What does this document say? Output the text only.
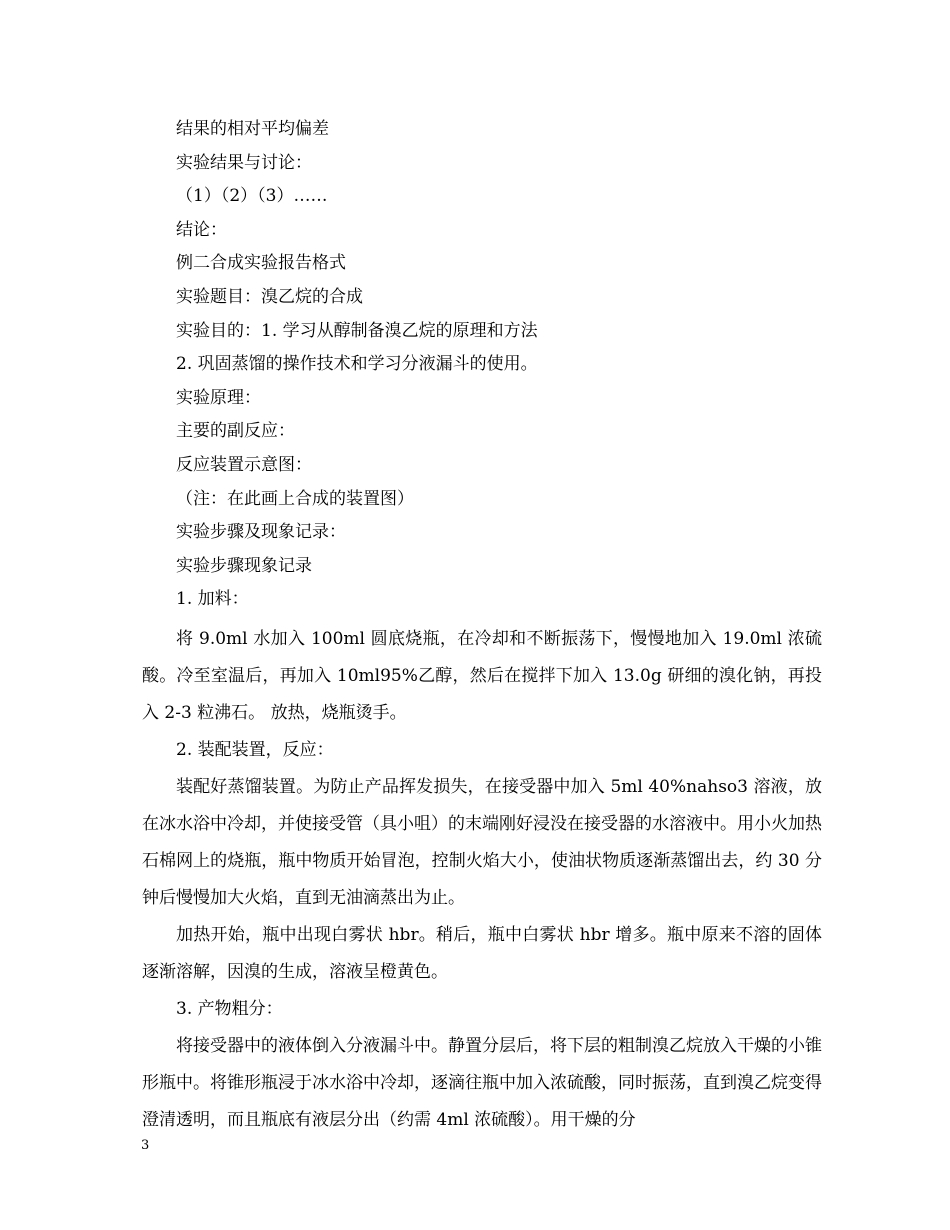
结果的相对平均偏差

实验结果与讨论：

（1）（2）（3）……

结论：

例二合成实验报告格式

实验题目：溴乙烷的合成

实验目的：1. 学习从醇制备溴乙烷的原理和方法

2. 巩固蒸馏的操作技术和学习分液漏斗的使用。

实验原理：

主要的副反应：

反应装置示意图：

（注：在此画上合成的装置图）

实验步骤及现象记录：

实验步骤现象记录

1. 加料：

将 9.0ml 水加入 100ml 圆底烧瓶，在冷却和不断振荡下，慢慢地加入 19.0ml 浓硫酸。冷至室温后，再加入 10ml95%乙醇，然后在搅拌下加入 13.0g 研细的溴化钠，再投入 2-3 粒沸石。 放热，烧瓶烫手。

2. 装配装置，反应：

装配好蒸馏装置。为防止产品挥发损失，在接受器中加入 5ml 40%nahso3 溶液，放在冰水浴中冷却，并使接受管（具小咀）的末端刚好浸没在接受器的水溶液中。用小火加热石棉网上的烧瓶，瓶中物质开始冒泡，控制火焰大小，使油状物质逐渐蒸馏出去，约 30 分钟后慢慢加大火焰，直到无油滴蒸出为止。

加热开始，瓶中出现白雾状 hbr。稍后，瓶中白雾状 hbr 增多。瓶中原来不溶的固体逐渐溶解，因溴的生成，溶液呈橙黄色。

3. 产物粗分：

将接受器中的液体倒入分液漏斗中。静置分层后，将下层的粗制溴乙烷放入干燥的小锥形瓶中。将锥形瓶浸于冰水浴中冷却，逐滴往瓶中加入浓硫酸，同时振荡，直到溴乙烷变得澄清透明，而且瓶底有液层分出（约需 4ml 浓硫酸）。用干燥的分

3
